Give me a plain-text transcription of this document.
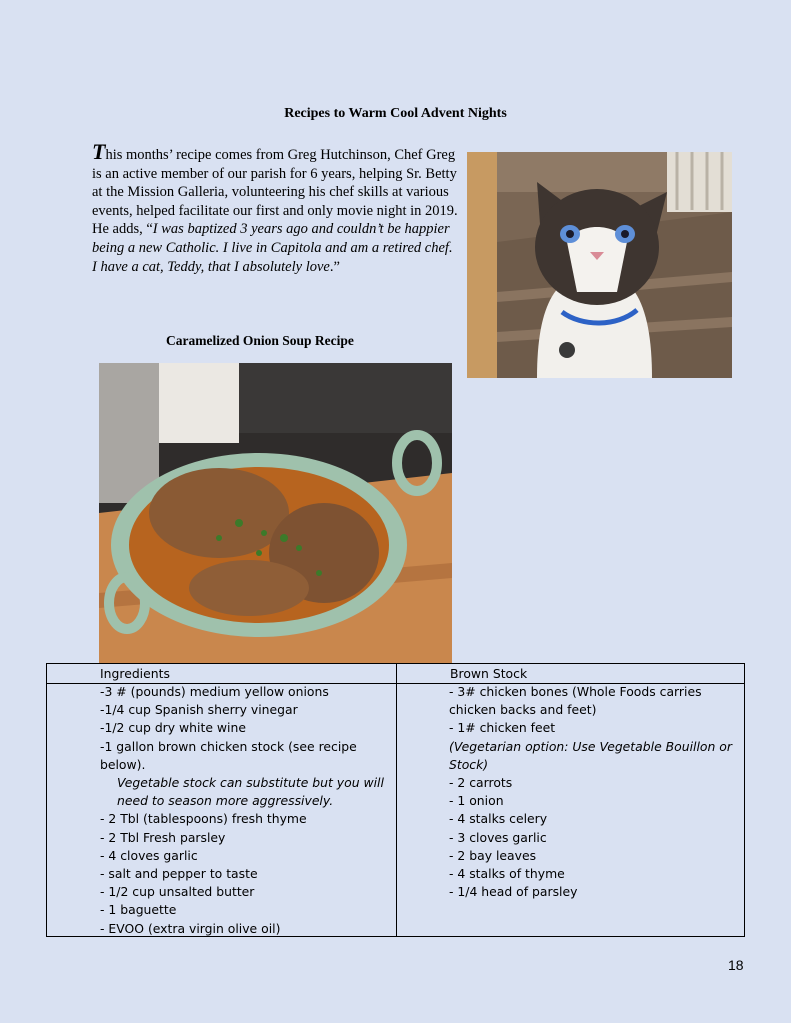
Recipes to Warm Cool Advent Nights

This months’ recipe comes from Greg Hutchinson, Chef Greg is an active member of our parish for 6 years, helping Sr. Betty at the Mission Galleria, volunteering his chef skills at various events, helped facilitate our first and only movie night in 2019. He adds, “I was baptized 3 years ago and couldn’t be happier being a new Catholic. I live in Capitola and am a retired chef. I have a cat, Teddy, that I absolutely love.”

Caramelized Onion Soup Recipe

Ingredients	Brown Stock

-3 # (pounds) medium yellow onions
-1/4 cup Spanish sherry vinegar
-1/2 cup dry white wine
-1 gallon brown chicken stock (see recipe below).
Vegetable stock can substitute but you will need to season more aggressively.
- 2 Tbl (tablespoons) fresh thyme
- 2 Tbl Fresh parsley
- 4 cloves garlic
- salt and pepper to taste
- 1/2 cup unsalted butter
- 1 baguette
- EVOO (extra virgin olive oil)
- 3# chicken bones (Whole Foods carries chicken backs and feet)
- 1# chicken feet
(Vegetarian option: Use Vegetable Bouillon or Stock)
- 2 carrots
- 1 onion
- 4 stalks celery
- 3 cloves garlic
- 2 bay leaves
- 4 stalks of thyme
- 1/4 head of parsley

18
